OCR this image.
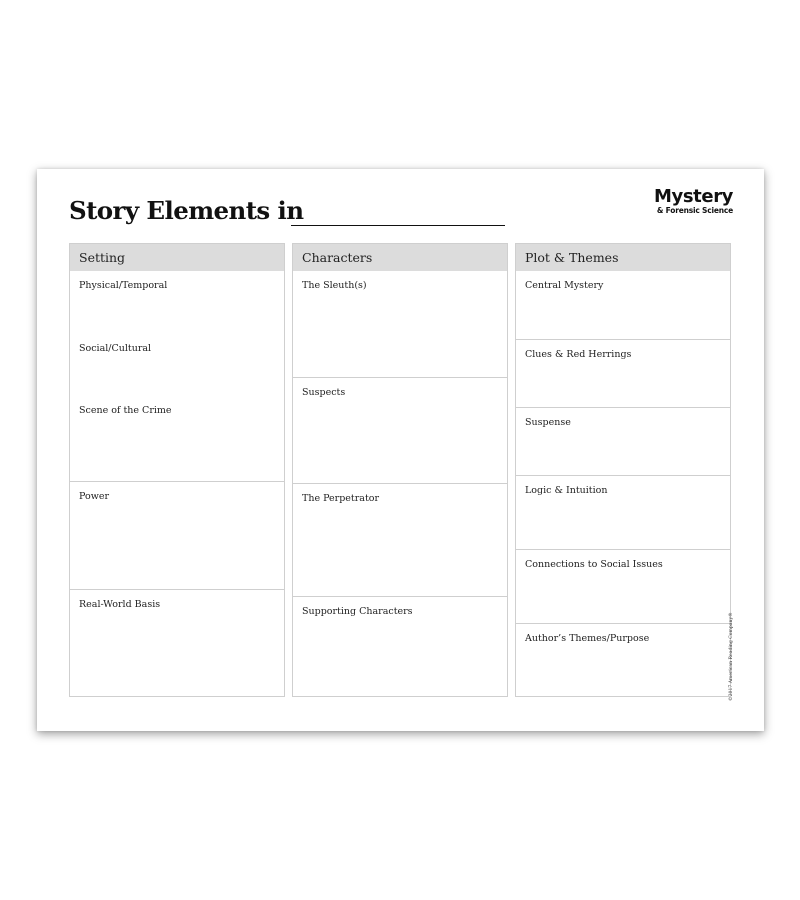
Story Elements in	Mystery
& Forensic Science
Setting
Physical/Temporal
Social/Cultural
Scene of the Crime
Power
Real-World Basis
Characters
The Sleuth(s)
Suspects
The Perpetrator
Supporting Characters
Plot & Themes
Central Mystery
Clues & Red Herrings
Suspense
Logic & Intuition
Connections to Social Issues
Author’s Themes/Purpose	©2017 American Reading Company®
